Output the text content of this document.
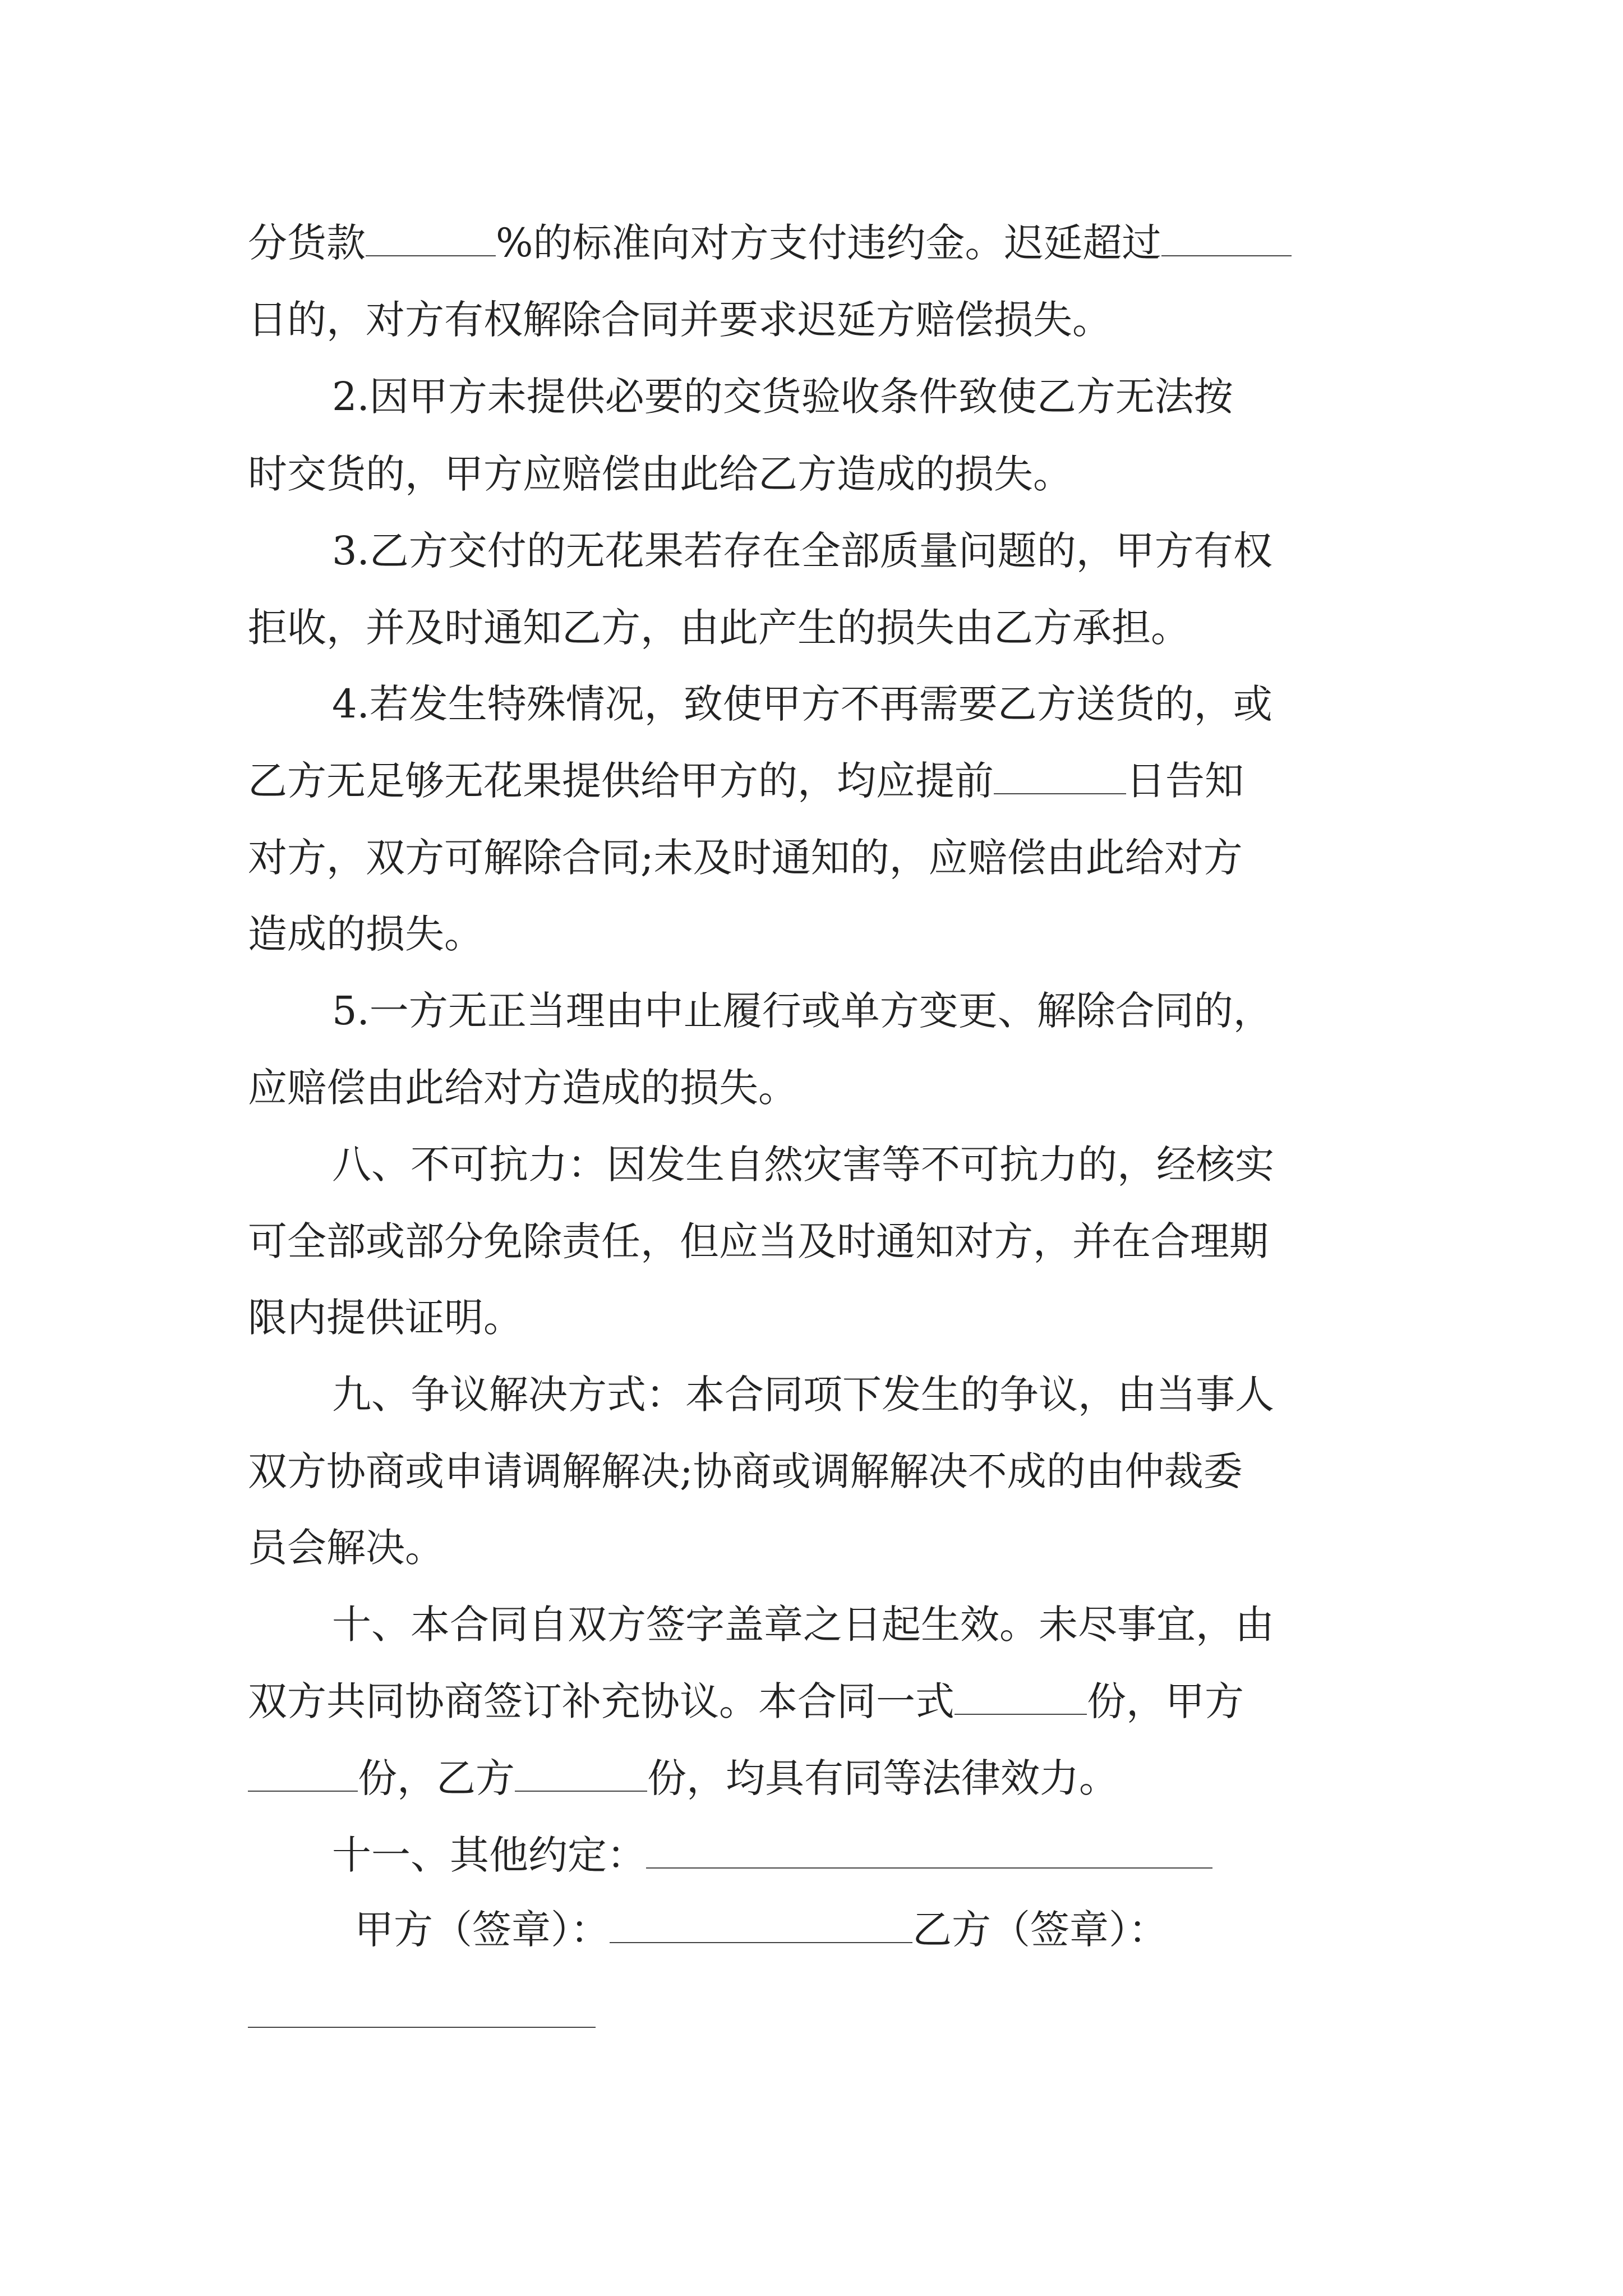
分货款	%的标准向对方支付违约金。迟延超过
日的，对方有权解除合同并要求迟延方赔偿损失。
2.因甲方未提供必要的交货验收条件致使乙方无法按
时交货的，甲方应赔偿由此给乙方造成的损失。
3.乙方交付的无花果若存在全部质量问题的，甲方有权
拒收，并及时通知乙方，由此产生的损失由乙方承担。
4.若发生特殊情况，致使甲方不再需要乙方送货的，或
乙方无足够无花果提供给甲方的，均应提前	日告知
对方，双方可解除合同;未及时通知的，应赔偿由此给对方
造成的损失。
5.一方无正当理由中止履行或单方变更、解除合同的，
应赔偿由此给对方造成的损失。
八、不可抗力：因发生自然灾害等不可抗力的，经核实
可全部或部分免除责任，但应当及时通知对方，并在合理期
限内提供证明。
九、争议解决方式：本合同项下发生的争议，由当事人
双方协商或申请调解解决;协商或调解解决不成的由仲裁委
员会解决。
十、本合同自双方签字盖章之日起生效。未尽事宜，由
双方共同协商签订补充协议。本合同一式	份，甲方
份，乙方	份，均具有同等法律效力。
十一、其他约定：
甲方（签章）：	乙方（签章）：
